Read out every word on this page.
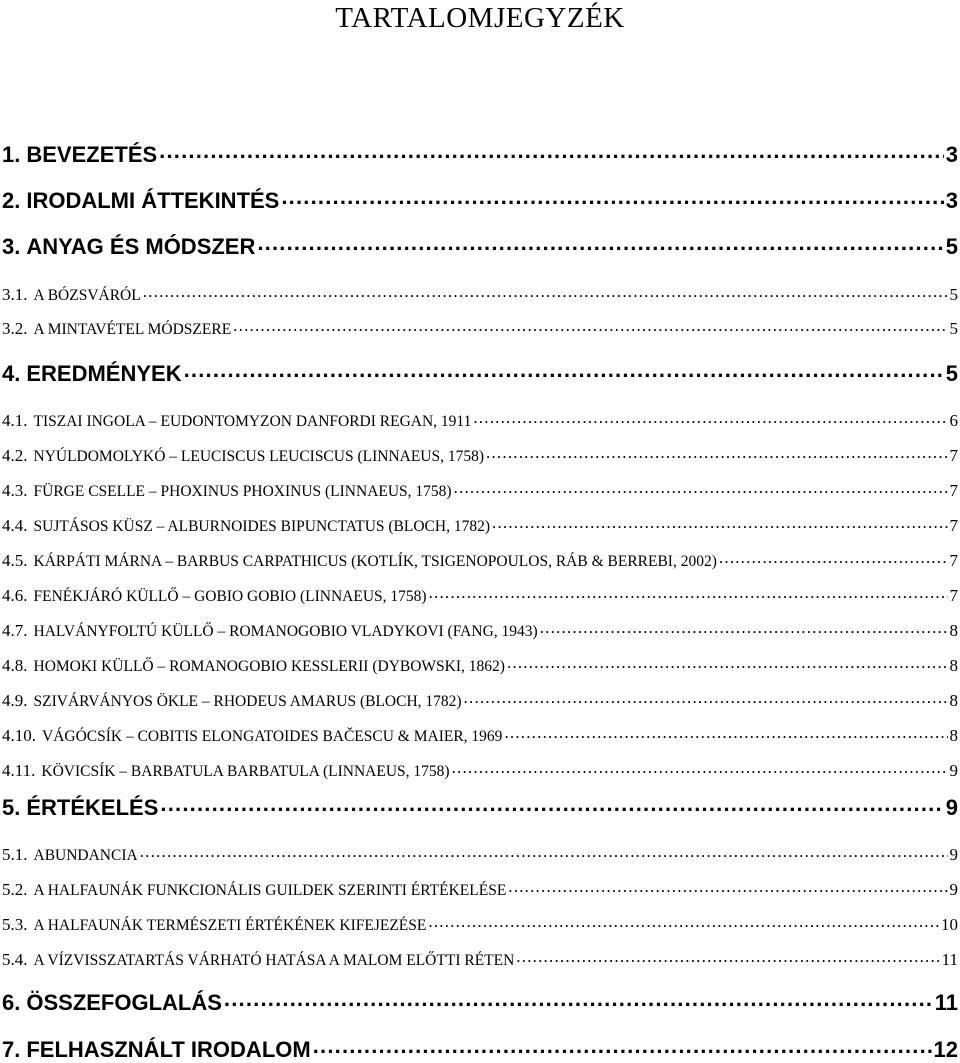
TARTALOMJEGYZÉK
1. BEVEZETÉS .....	3
2. IRODALMI ÁTTEKINTÉS .....	3
3. ANYAG ÉS MÓDSZER .....	5
3.1. A BÓZSVÁRÓL .....	5
3.2. A MINTAVÉTEL MÓDSZERE .....	5
4. EREDMÉNYEK .....	5
4.1. TISZAI INGOLA – EUDONTOMYZON DANFORDI REGAN, 1911 .....	6
4.2. NYÚLDOMOLYKÓ – LEUCISCUS LEUCISCUS (LINNAEUS, 1758) .....	7
4.3. FÜRGE CSELLE – PHOXINUS PHOXINUS (LINNAEUS, 1758) .....	7
4.4. SUJTÁSOS KÜSZ – ALBURNOIDES BIPUNCTATUS (BLOCH, 1782) .....	7
4.5. KÁRPÁTI MÁRNA – BARBUS CARPATHICUS (KOTLÍK, TSIGENOPOULOS, RÁB & BERREBI, 2002) .....	7
4.6. FENÉKJÁRÓ KÜLLŐ – GOBIO GOBIO (LINNAEUS, 1758) .....	7
4.7. HALVÁNYFOLTÚ KÜLLŐ – ROMANOGOBIO VLADYKOVI (FANG, 1943) .....	8
4.8. HOMOKI KÜLLŐ – ROMANOGOBIO KESSLERII (DYBOWSKI, 1862) .....	8
4.9. SZIVÁRVÁNYOS ÖKLE – RHODEUS AMARUS (BLOCH, 1782) .....	8
4.10. VÁGÓCSÍK – COBITIS ELONGATOIDES BAČESCU & MAIER, 1969 .....	8
4.11. KÖVICSÍK – BARBATULA BARBATULA (LINNAEUS, 1758) .....	9
5. ÉRTÉKELÉS .....	9
5.1. ABUNDANCIA .....	9
5.2. A HALFAUNÁK FUNKCIONÁLIS GUILDEK SZERINTI ÉRTÉKELÉSE .....	9
5.3. A HALFAUNÁK TERMÉSZETI ÉRTÉKÉNEK KIFEJEZÉSE .....	10
5.4. A VÍZVISSZATARTÁS VÁRHATÓ HATÁSA A MALOM ELŐTTI RÉTEN .....	11
6. ÖSSZEFOGLALÁS .....	11
7. FELHASZNÁLT IRODALOM .....	12
